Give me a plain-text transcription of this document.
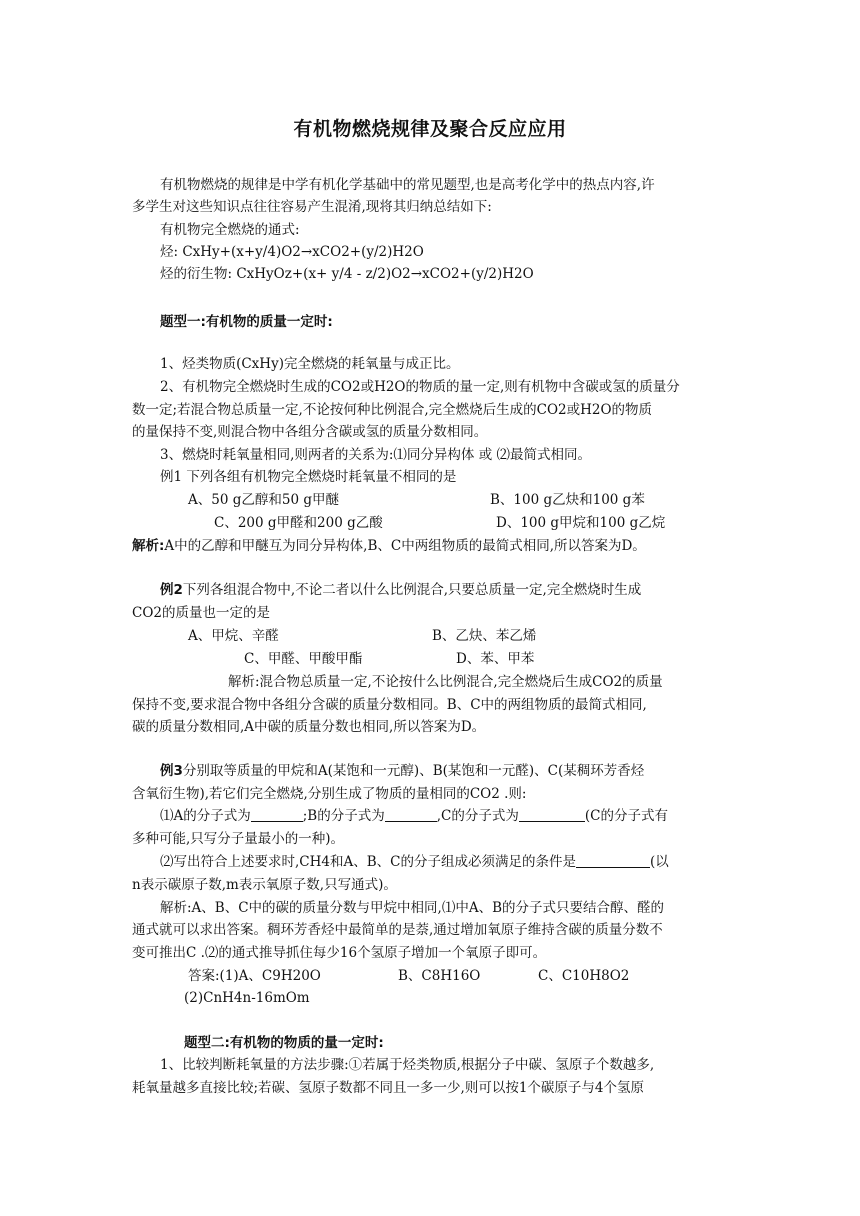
有机物燃烧规律及聚合反应应用
有机物燃烧的规律是中学有机化学基础中的常见题型,也是高考化学中的热点内容,许
多学生对这些知识点往往容易产生混淆,现将其归纳总结如下:
有机物完全燃烧的通式:
烃: CxHy+(x+y/4)O2→xCO2+(y/2)H2O
烃的衍生物: CxHyOz+(x+ y/4 - z/2)O2→xCO2+(y/2)H2O
题型一:有机物的质量一定时:
1、烃类物质(CxHy)完全燃烧的耗氧量与成正比。
2、有机物完全燃烧时生成的CO2或H2O的物质的量一定,则有机物中含碳或氢的质量分
数一定;若混合物总质量一定,不论按何种比例混合,完全燃烧后生成的CO2或H2O的物质
的量保持不变,则混合物中各组分含碳或氢的质量分数相同。
3、燃烧时耗氧量相同,则两者的关系为:⑴同分异构体 或 ⑵最简式相同。
例1 下列各组有机物完全燃烧时耗氧量不相同的是
A、50 g乙醇和50 g甲醚	B、100 g乙炔和100 g苯
C、200 g甲醛和200 g乙酸	D、100 g甲烷和100 g乙烷
解析:A中的乙醇和甲醚互为同分异构体,B、C中两组物质的最简式相同,所以答案为D。
例2下列各组混合物中,不论二者以什么比例混合,只要总质量一定,完全燃烧时生成
CO2的质量也一定的是
A、甲烷、辛醛	B、乙炔、苯乙烯
C、甲醛、甲酸甲酯	D、苯、甲苯
解析:混合物总质量一定,不论按什么比例混合,完全燃烧后生成CO2的质量
保持不变,要求混合物中各组分含碳的质量分数相同。B、C中的两组物质的最简式相同,
碳的质量分数相同,A中碳的质量分数也相同,所以答案为D。
例3分别取等质量的甲烷和A(某饱和一元醇)、B(某饱和一元醛)、C(某稠环芳香烃
含氧衍生物),若它们完全燃烧,分别生成了物质的量相同的CO2 .则:
⑴A的分子式为	;B的分子式为	,C的分子式为	(C的分子式有
多种可能,只写分子量最小的一种)。
⑵写出符合上述要求时,CH4和A、B、C的分子组成必须满足的条件是	(以
n表示碳原子数,m表示氧原子数,只写通式)。
解析:A、B、C中的碳的质量分数与甲烷中相同,⑴中A、B的分子式只要结合醇、醛的
通式就可以求出答案。稠环芳香烃中最简单的是萘,通过增加氧原子维持含碳的质量分数不
变可推出C .⑵的通式推导抓住每少16个氢原子增加一个氧原子即可。
答案:(1)A、C9H20O	B、C8H16O	C、C10H8O2
(2)CnH4n-16mOm
题型二:有机物的物质的量一定时:
1、比较判断耗氧量的方法步骤:①若属于烃类物质,根据分子中碳、氢原子个数越多,
耗氧量越多直接比较;若碳、氢原子数都不同且一多一少,则可以按1个碳原子与4个氢原
